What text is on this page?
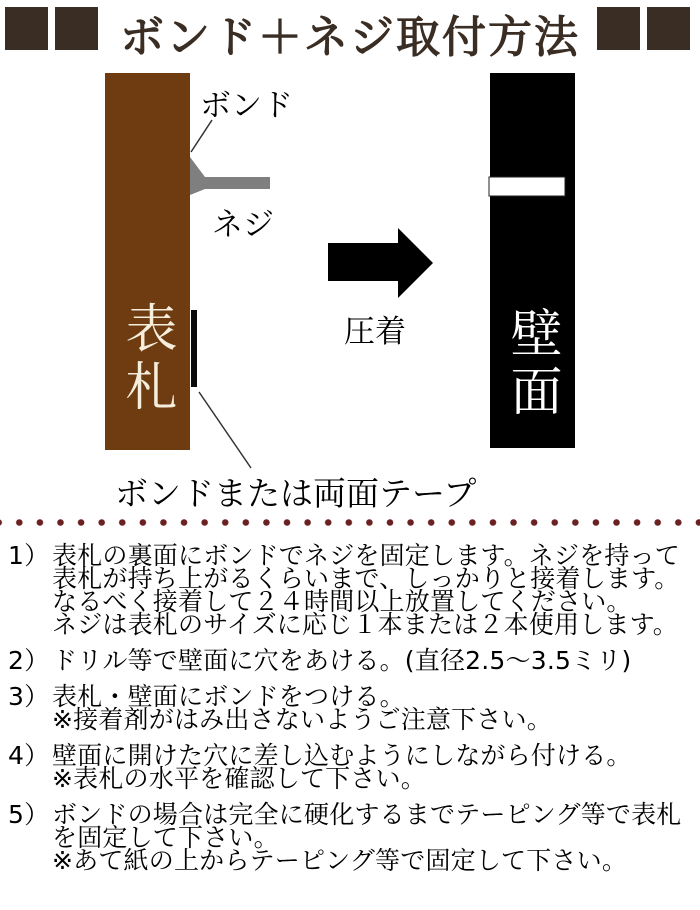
ボンド＋ネジ取付方法
ボンド
ネジ
圧着
表札	壁面
ボンドまたは両面テープ
1） 表札の裏面にボンドでネジを固定します。ネジを持って
表札が持ち上がるくらいまで、しっかりと接着します。
なるべく接着して２４時間以上放置してください。
ネジは表札のサイズに応じ１本または２本使用します。
2） ドリル等で壁面に穴をあける。(直径2.5～3.5ミリ)
3） 表札・壁面にボンドをつける。
※接着剤がはみ出さないようご注意下さい。
4） 壁面に開けた穴に差し込むようにしながら付ける。
※表札の水平を確認して下さい。
5） ボンドの場合は完全に硬化するまでテーピング等で表札
を固定して下さい。
※あて紙の上からテーピング等で固定して下さい。
